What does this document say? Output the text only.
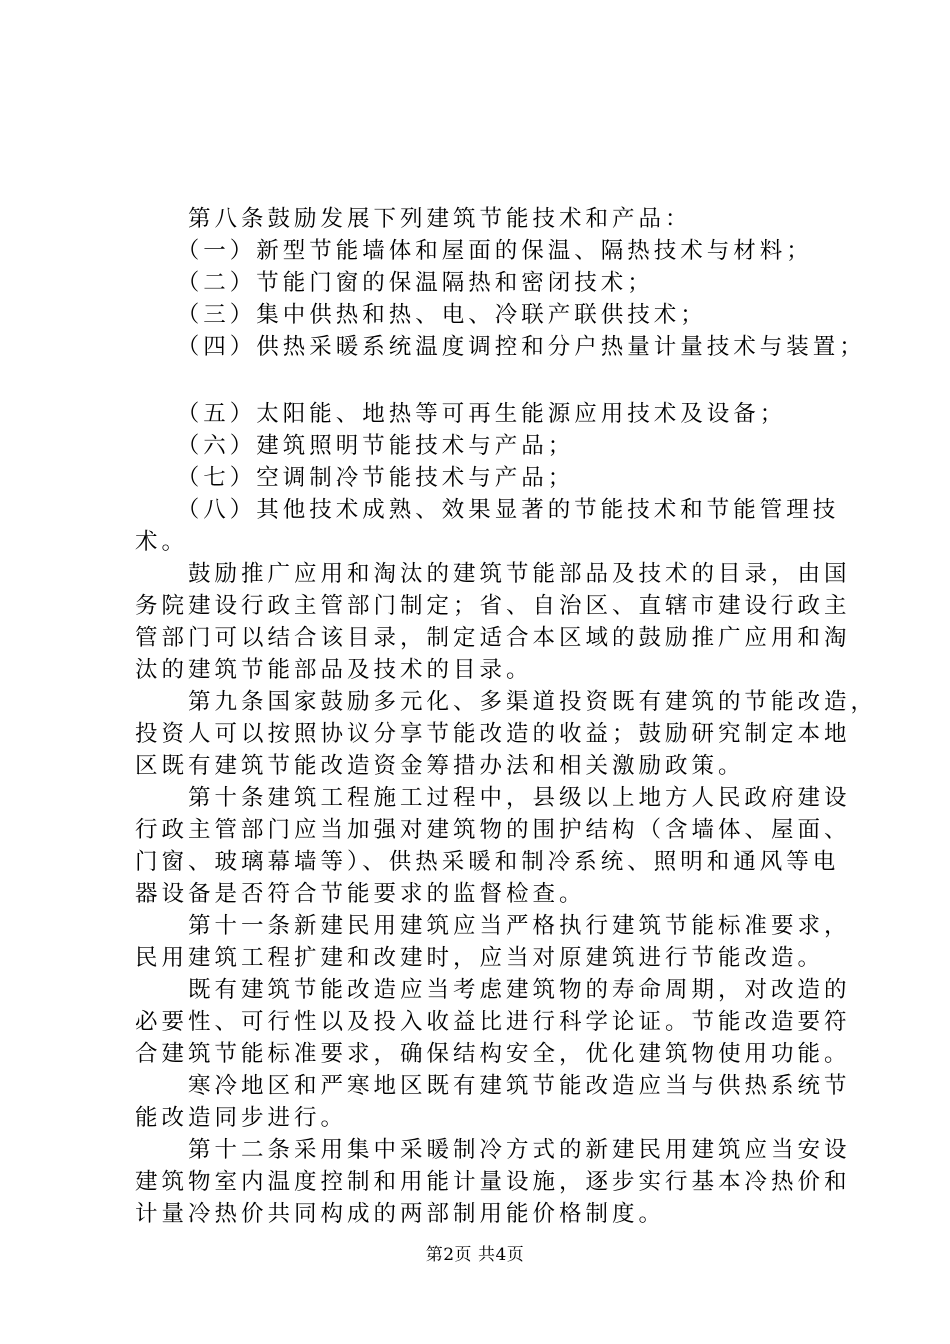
　　第八条鼓励发展下列建筑节能技术和产品：
　　（一）新型节能墙体和屋面的保温、隔热技术与材料；
　　（二）节能门窗的保温隔热和密闭技术；
　　（三）集中供热和热、电、冷联产联供技术；
　　（四）供热采暖系统温度调控和分户热量计量技术与装置；
　　（五）太阳能、地热等可再生能源应用技术及设备；
　　（六）建筑照明节能技术与产品；
　　（七）空调制冷节能技术与产品；
　　（八）其他技术成熟、效果显著的节能技术和节能管理技
术。
　　鼓励推广应用和淘汰的建筑节能部品及技术的目录，由国
务院建设行政主管部门制定；省、自治区、直辖市建设行政主
管部门可以结合该目录，制定适合本区域的鼓励推广应用和淘
汰的建筑节能部品及技术的目录。
　　第九条国家鼓励多元化、多渠道投资既有建筑的节能改造，
投资人可以按照协议分享节能改造的收益；鼓励研究制定本地
区既有建筑节能改造资金筹措办法和相关激励政策。
　　第十条建筑工程施工过程中，县级以上地方人民政府建设
行政主管部门应当加强对建筑物的围护结构（含墙体、屋面、
门窗、玻璃幕墙等）、供热采暖和制冷系统、照明和通风等电
器设备是否符合节能要求的监督检查。
　　第十一条新建民用建筑应当严格执行建筑节能标准要求，
民用建筑工程扩建和改建时，应当对原建筑进行节能改造。
　　既有建筑节能改造应当考虑建筑物的寿命周期，对改造的
必要性、可行性以及投入收益比进行科学论证。节能改造要符
合建筑节能标准要求，确保结构安全，优化建筑物使用功能。
　　寒冷地区和严寒地区既有建筑节能改造应当与供热系统节
能改造同步进行。
　　第十二条采用集中采暖制冷方式的新建民用建筑应当安设
建筑物室内温度控制和用能计量设施，逐步实行基本冷热价和
计量冷热价共同构成的两部制用能价格制度。
第2页 共4页
